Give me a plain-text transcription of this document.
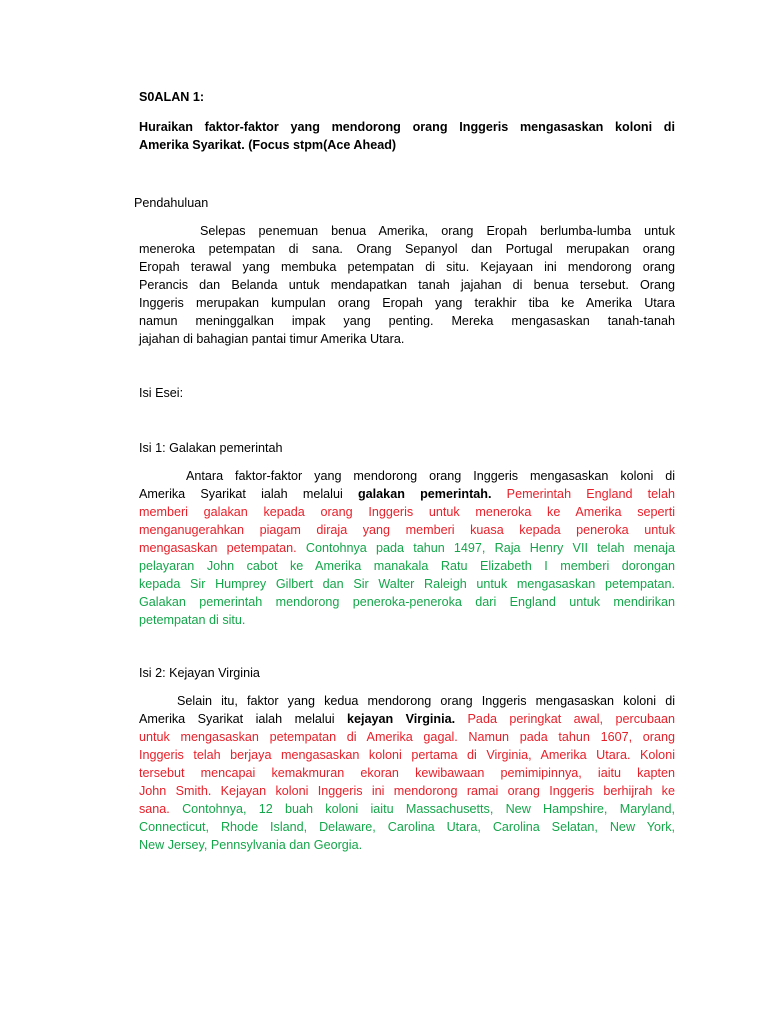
S0ALAN 1:
Huraikan faktor-faktor yang mendorong orang Inggeris mengasaskan koloni di
Amerika Syarikat. (Focus stpm(Ace Ahead)
Pendahuluan
Selepas penemuan benua Amerika, orang Eropah berlumba-lumba untuk
meneroka petempatan di sana. Orang Sepanyol dan Portugal merupakan orang
Eropah terawal yang membuka petempatan di situ. Kejayaan ini mendorong orang
Perancis dan Belanda untuk mendapatkan tanah jajahan di benua tersebut. Orang
Inggeris merupakan kumpulan orang Eropah yang terakhir tiba ke Amerika Utara
namun meninggalkan impak yang penting. Mereka mengasaskan tanah-tanah
jajahan di bahagian pantai timur Amerika Utara.
Isi Esei:
Isi 1: Galakan pemerintah
Antara faktor-faktor yang mendorong orang Inggeris mengasaskan koloni di
Amerika Syarikat ialah melalui galakan pemerintah. Pemerintah England telah
memberi galakan kepada orang Inggeris untuk meneroka ke Amerika seperti
menganugerahkan piagam diraja yang memberi kuasa kepada peneroka untuk
mengasaskan petempatan. Contohnya pada tahun 1497, Raja Henry VII telah menaja
pelayaran John cabot ke Amerika manakala Ratu Elizabeth I memberi dorongan
kepada Sir Humprey Gilbert dan Sir Walter Raleigh untuk mengasaskan petempatan.
Galakan pemerintah mendorong peneroka-peneroka dari England untuk mendirikan
petempatan di situ.
Isi 2: Kejayan Virginia
Selain itu, faktor yang kedua mendorong orang Inggeris mengasaskan koloni di
Amerika Syarikat ialah melalui kejayan Virginia. Pada peringkat awal, percubaan
untuk mengasaskan petempatan di Amerika gagal. Namun pada tahun 1607, orang
Inggeris telah berjaya mengasaskan koloni pertama di Virginia, Amerika Utara. Koloni
tersebut mencapai kemakmuran ekoran kewibawaan pemimipinnya, iaitu kapten
John Smith. Kejayan koloni Inggeris ini mendorong ramai orang Inggeris berhijrah ke
sana. Contohnya, 12 buah koloni iaitu Massachusetts, New Hampshire, Maryland,
Connecticut, Rhode Island, Delaware, Carolina Utara, Carolina Selatan, New York,
New Jersey, Pennsylvania dan Georgia.
